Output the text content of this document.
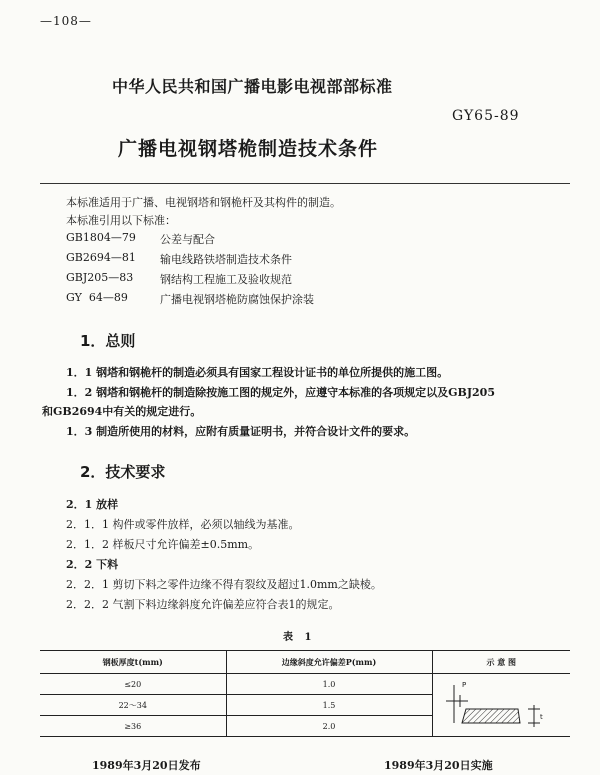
—108—
中华人民共和国广播电影电视部部标准
GY65-89
广播电视钢塔桅制造技术条件
本标准适用于广播、电视钢塔和钢桅杆及其构件的制造。
本标准引用以下标准：
GB1804—79 公差与配合
GB2694—81 输电线路铁塔制造技术条件
GBJ205—83 钢结构工程施工及验收规范
GY  64—89	广播电视钢塔桅防腐蚀保护涂装
1．总则
1．1 钢塔和钢桅杆的制造必须具有国家工程设计证书的单位所提供的施工图。
1．2 钢塔和钢桅杆的制造除按施工图的规定外，应遵守本标准的各项规定以及GBJ205
和GB2694中有关的规定进行。
1．3 制造所使用的材料，应附有质量证明书，并符合设计文件的要求。
2．技术要求
2．1 放样
2．1．1 构件或零件放样，必须以轴线为基准。
2．1．2 样板尺寸允许偏差±0.5mm。
2．2 下料
2．2．1 剪切下料之零件边缘不得有裂纹及超过1.0mm之缺棱。
2．2．2 气割下料边缘斜度允许偏差应符合表1的规定。
表 1
钢板厚度t(mm)	边缘斜度允许偏差P(mm)	示 意 图
≤20	1.0	P
t

22～34	1.5	
≥36	2.0	
1989年3月20日发布	1989年3月20日实施
